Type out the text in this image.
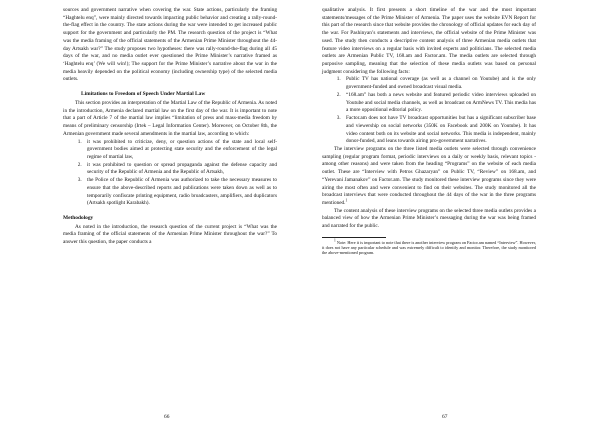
sources and government narrative when covering the war. State actions, particularly the framing “Haghtelu enq”, were mainly directed towards impacting public behavior and creating a rally-round-the-flag effect in the country. The state actions during the war were intended to get increased public support for the government and particularly the PM. The research question of the project is “What was the media framing of the official statements of the Armenian Prime Minister throughout the 44-day Artsakh war?” The study proposes two hypotheses: there was rally-round-the-flag during all 45 days of the war, and no media outlet ever questioned the Prime Minister’s narrative framed as ‘Haghtelu enq’ (We will win!); The support for the Prime Minister’s narrative about the war in the media heavily depended on the political economy (including ownership type) of the selected media outlets.

Limitations to Freedom of Speech Under Martial Law

This section provides an interpretation of the Martial Law of the Republic of Armenia. As noted in the introduction, Armenia declared martial law on the first day of the war. It is important to note that a part of Article 7 of the martial law implies “limitation of press and mass-media freedom by means of preliminary censorship (Irtek – Legal Information Center). Moreover, on October 8th, the Armenian government made several amendments in the martial law, according to which:

1. it was prohibited to criticize, deny, or question actions of the state and local self-government bodies aimed at protecting state security and the enforcement of the legal regime of martial law,
2. it was prohibited to question or spread propaganda against the defense capacity and security of the Republic of Armenia and the Republic of Artsakh,
3. the Police of the Republic of Armenia was authorized to take the necessary measures to ensure that the above-described reports and publications were taken down as well as to temporarily confiscate printing equipment, radio broadcasters, amplifiers, and duplicators (Artsakh spotlight Karabakh).
Methodology

As noted in the introduction, the research question of the current project is “What was the media framing of the official statements of the Armenian Prime Minister throughout the war?” To answer this question, the paper conducts a

66

qualitative analysis. It first presents a short timeline of the war and the most important statements/messages of the Prime Minister of Armenia. The paper uses the website EVN Report for this part of the research since that website provides the chronology of official updates for each day of the war. For Pashinyan’s statements and interviews, the official website of the Prime Minister was used. The study then conducts a descriptive content analysis of three Armenian media outlets that feature video interviews on a regular basis with invited experts and politicians. The selected media outlets are Armenian Public TV, 168.am and Factor.am. The media outlets are selected through purposive sampling, meaning that the selection of these media outlets was based on personal judgment considering the following facts:

1. Public TV has national coverage (as well as a channel on Youtube) and is the only government-funded and owned broadcast visual media.
2. “168.am” has both a news website and featured periodic video interviews uploaded on Youtube and social media channels, as well as broadcast on ArmNews TV. This media has a more oppositional editorial policy.
3. Factor.am does not have TV broadcast opportunities but has a significant subscriber base and viewership on social networks (350K on Facebook and 200K on Youtube). It has video content both on its website and social networks. This media is independent, mainly donor-funded, and leans towards airing pro-government narratives.

The interview programs on the three listed media outlets were selected through convenience sampling (regular program format, periodic interviews on a daily or weekly basis, relevant topics - among other reasons) and were taken from the heading “Programs” on the website of each media outlet. These are “Interview with Petros Ghazaryan” on Public TV, “Review” on 168.am, and “Yerevani Jamanakov” on Factor.am. The study monitored these interview programs since they were airing the most often and were convenient to find on their websites. The study monitored all the broadcast interviews that were conducted throughout the 44 days of the war in the three programs mentioned.$^1$

The content analysis of these interview programs on the selected three media outlets provides a balanced view of how the Armenian Prime Minister’s messaging during the war was being framed and narrated for the public.

$^1$ Note: Here it is important to note that there is another interview program on Factor.am named “Interview”. However, it does not have any particular schedule and was extremely difficult to identify and monitor. Therefore, the study monitored the above-mentioned program.

67
